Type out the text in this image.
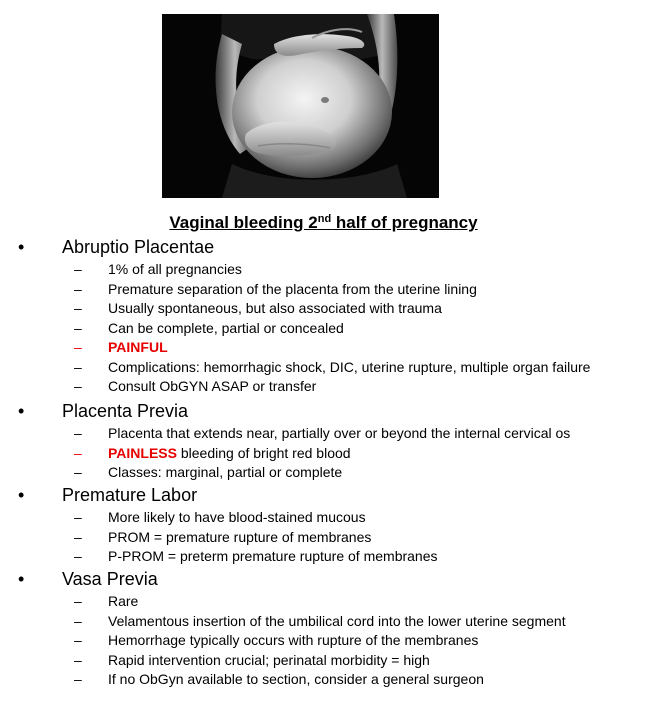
Vaginal bleeding 2nd half of pregnancy
• Abruptio Placentae
– 1% of all pregnancies
– Premature separation of the placenta from the uterine lining
– Usually spontaneous, but also associated with trauma
– Can be complete, partial or concealed
– PAINFUL
– Complications: hemorrhagic shock, DIC, uterine rupture, multiple organ failure
– Consult ObGYN ASAP or transfer
• Placenta Previa
– Placenta that extends near, partially over or beyond the internal cervical os
– PAINLESS bleeding of bright red blood
– Classes: marginal, partial or complete
• Premature Labor
– More likely to have blood-stained mucous
– PROM = premature rupture of membranes
– P-PROM = preterm premature rupture of membranes
• Vasa Previa
– Rare
– Velamentous insertion of the umbilical cord into the lower uterine segment
– Hemorrhage typically occurs with rupture of the membranes
– Rapid intervention crucial; perinatal morbidity = high
– If no ObGyn available to section, consider a general surgeon
